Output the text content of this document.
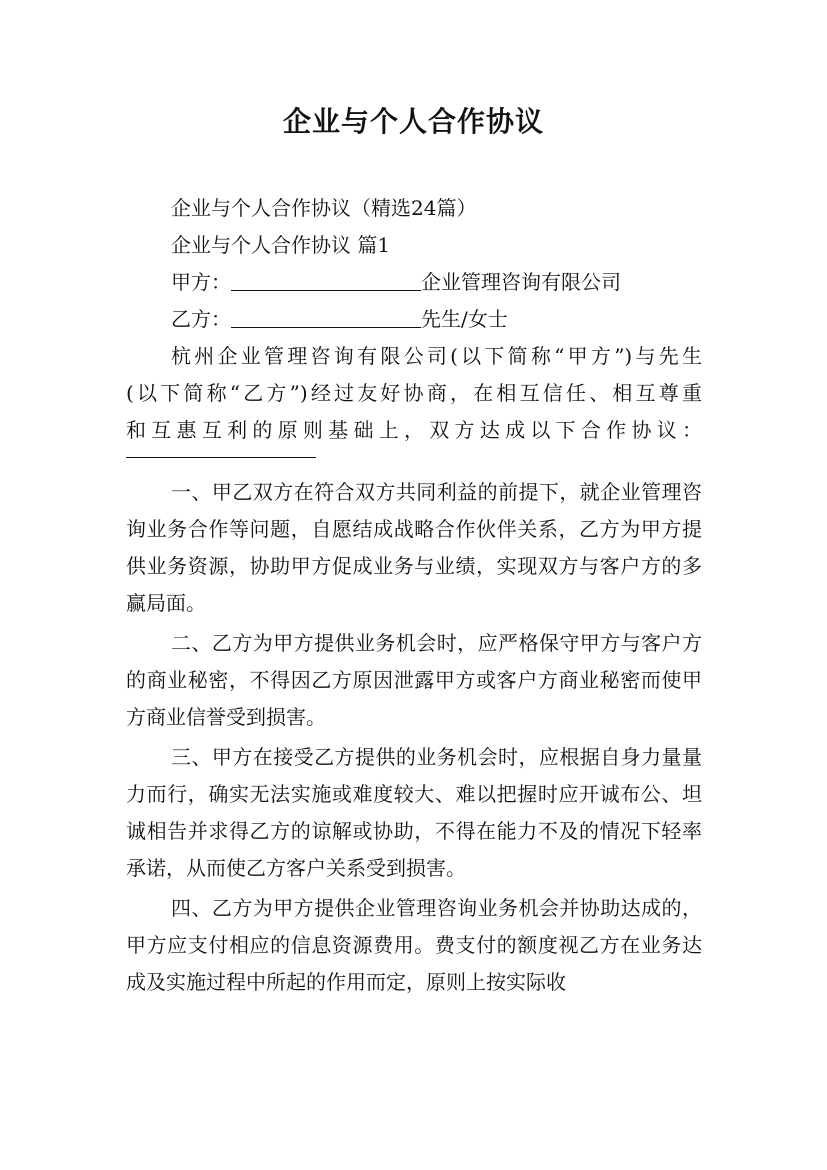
企业与个人合作协议
企业与个人合作协议（精选24篇）
企业与个人合作协议 篇1
甲方：	企业管理咨询有限公司
乙方：	先生/女士
杭州企业管理咨询有限公司(以下简称“甲方”)与先生
(以下简称“乙方”)经过友好协商，在相互信任、相互尊重
和互惠互利的原则基础上，双方达成以下合作协议：
一、甲乙双方在符合双方共同利益的前提下，就企业管理咨询业务合作等问题，自愿结成战略合作伙伴关系，乙方为甲方提供业务资源，协助甲方促成业务与业绩，实现双方与客户方的多赢局面。
二、乙方为甲方提供业务机会时，应严格保守甲方与客户方的商业秘密，不得因乙方原因泄露甲方或客户方商业秘密而使甲方商业信誉受到损害。
三、甲方在接受乙方提供的业务机会时，应根据自身力量量力而行，确实无法实施或难度较大、难以把握时应开诚布公、坦诚相告并求得乙方的谅解或协助，不得在能力不及的情况下轻率承诺，从而使乙方客户关系受到损害。
四、乙方为甲方提供企业管理咨询业务机会并协助达成的，甲方应支付相应的信息资源费用。费支付的额度视乙方在业务达成及实施过程中所起的作用而定，原则上按实际收
